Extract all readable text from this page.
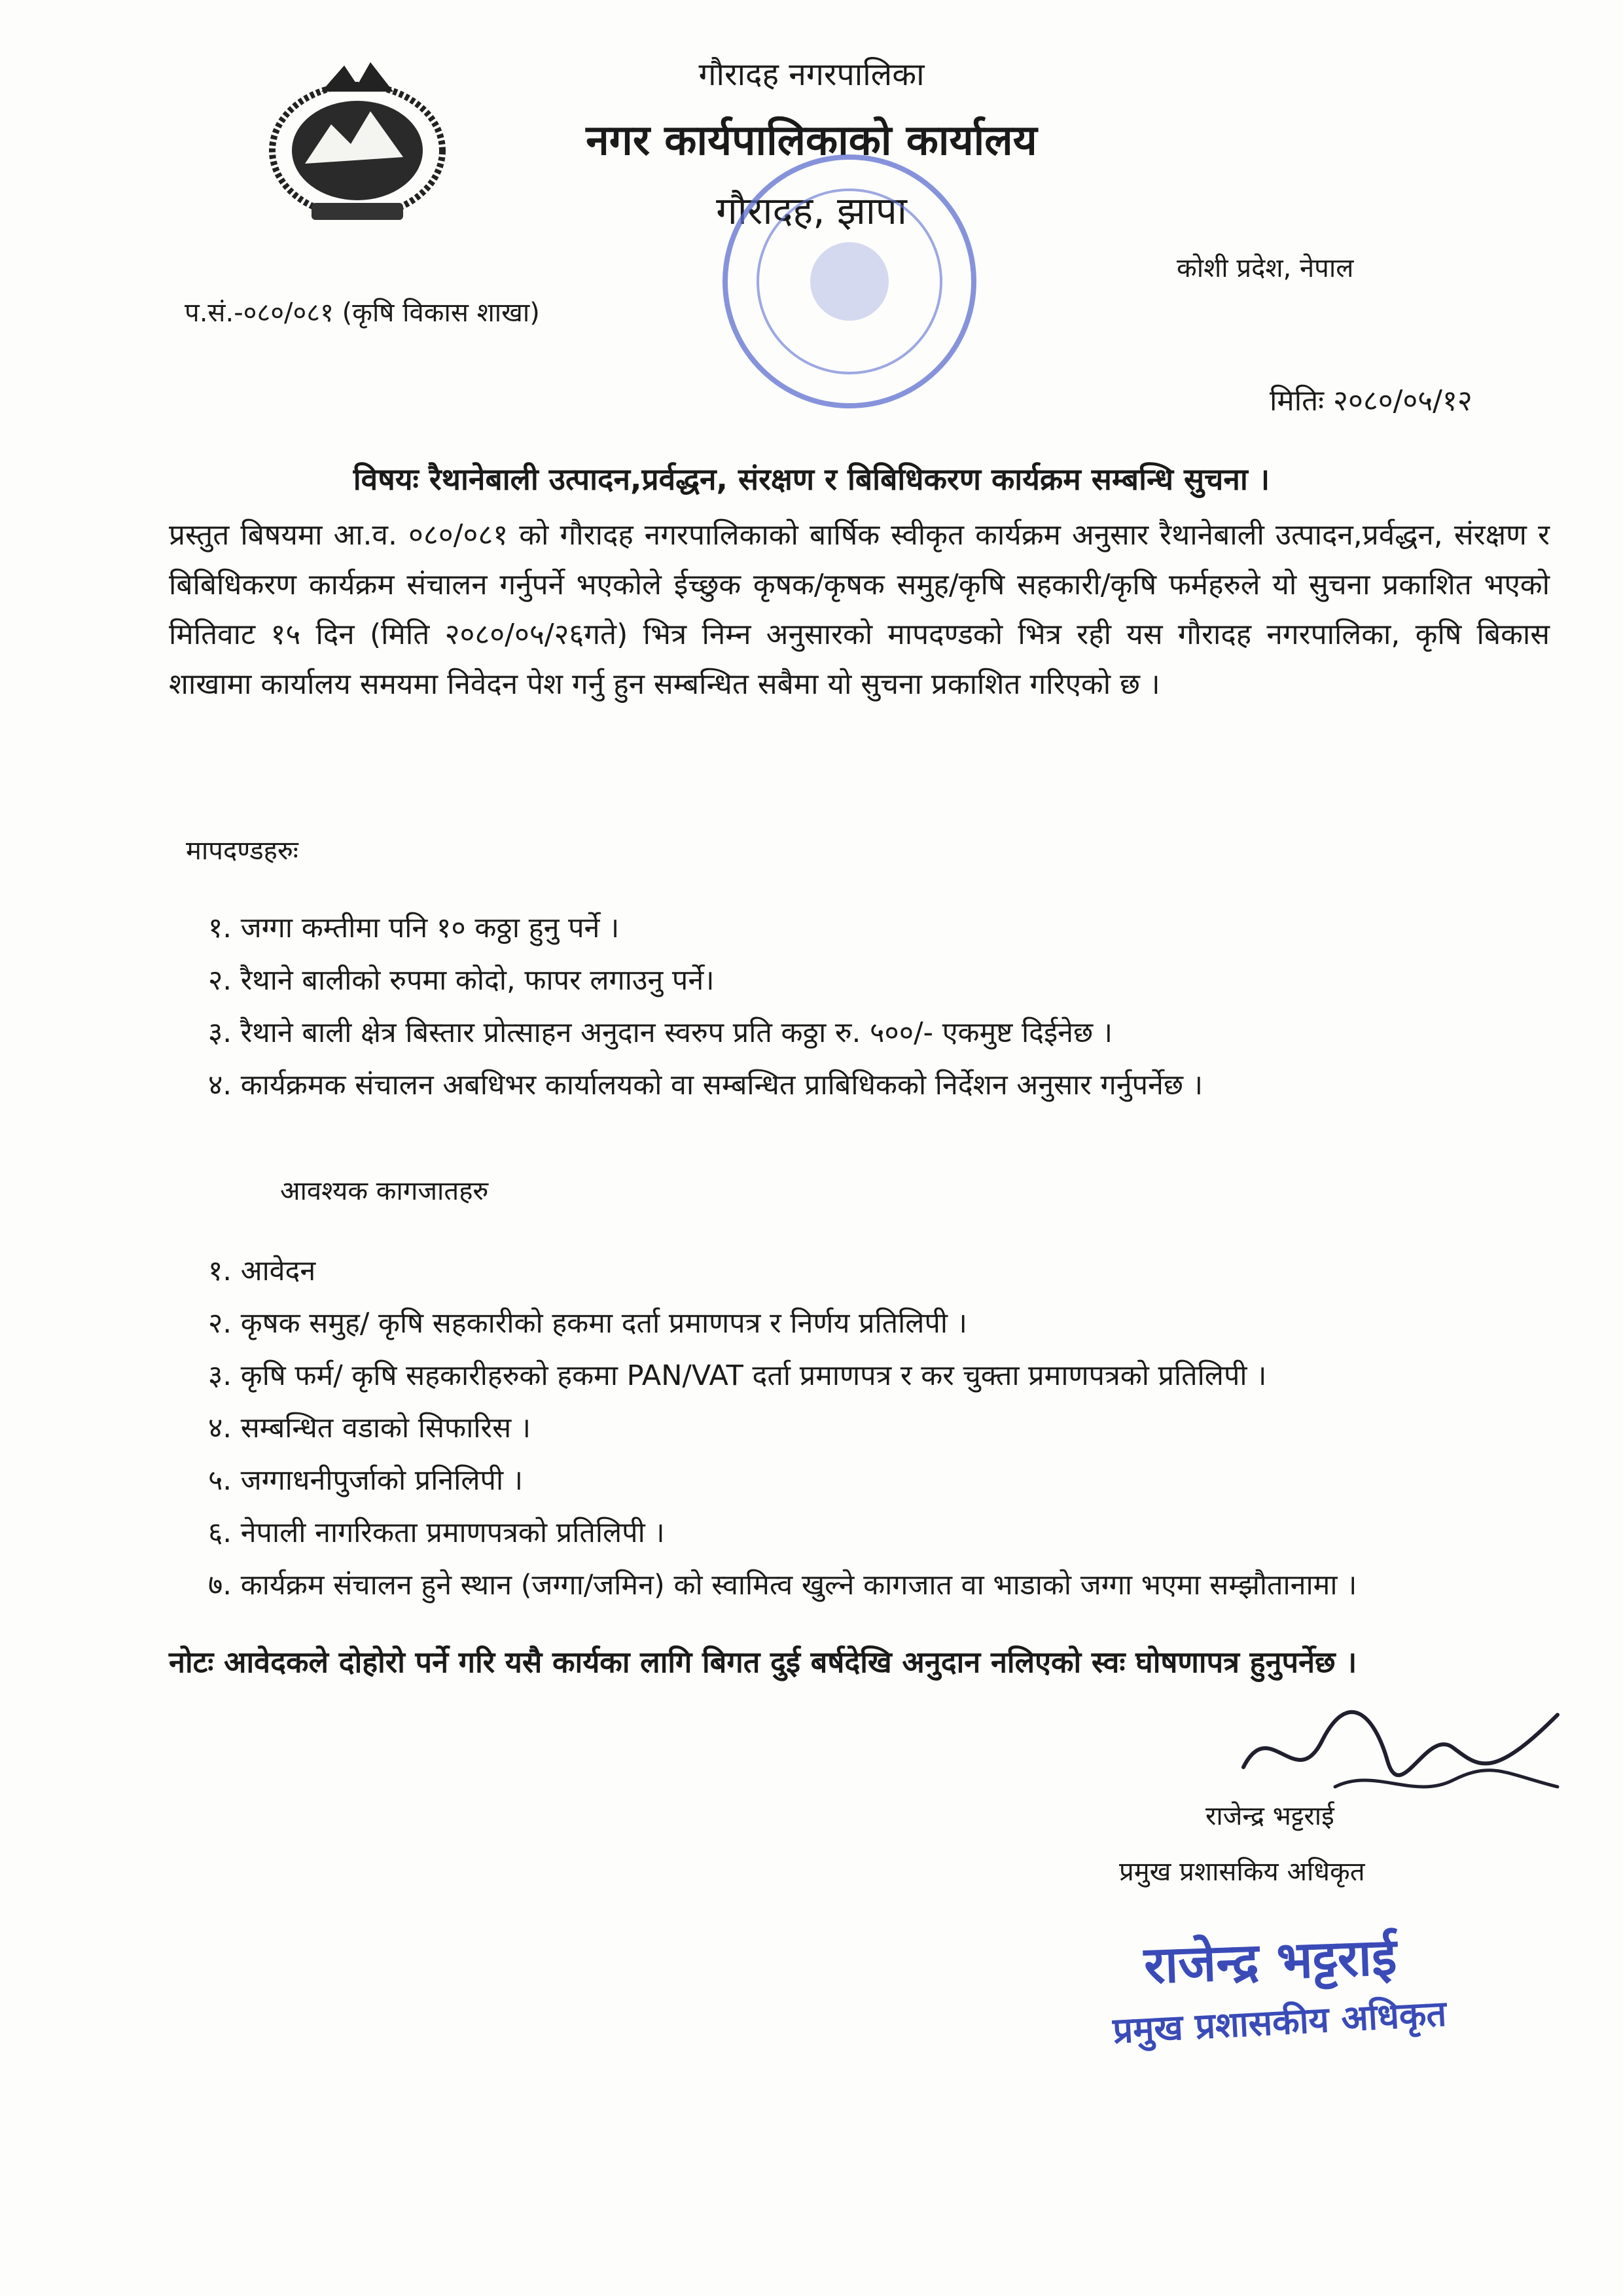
गौरादह नगरपालिका
नगर कार्यपालिकाको कार्यालय
गौरादह, झापा
कोशी प्रदेश, नेपाल
प.सं.-०८०/०८१ (कृषि विकास शाखा)
मितिः २०८०/०५/१२
विषयः रैथानेबाली उत्पादन,प्रर्वद्धन, संरक्षण र बिबिधिकरण कार्यक्रम सम्बन्धि सुचना ।
प्रस्तुत बिषयमा आ.व. ०८०/०८१ को गौरादह नगरपालिकाको बार्षिक स्वीकृत कार्यक्रम अनुसार रैथानेबाली उत्पादन,प्रर्वद्धन, संरक्षण र बिबिधिकरण कार्यक्रम संचालन गर्नुपर्ने भएकोले ईच्छुक कृषक/कृषक समुह/कृषि सहकारी/कृषि फर्महरुले यो सुचना प्रकाशित भएको मितिवाट १५ दिन (मिति २०८०/०५/२६गते) भित्र निम्न अनुसारको मापदण्डको भित्र रही यस गौरादह नगरपालिका, कृषि बिकास शाखामा कार्यालय समयमा निवेदन पेश गर्नु हुन सम्बन्धित सबैमा यो सुचना प्रकाशित गरिएको छ ।
मापदण्डहरुः
१. जग्गा कम्तीमा पनि १० कठ्ठा हुनु पर्ने ।
२. रैथाने बालीको रुपमा कोदो, फापर लगाउनु पर्ने।
३. रैथाने बाली क्षेत्र बिस्तार प्रोत्साहन अनुदान स्वरुप प्रति कठ्ठा रु. ५००/- एकमुष्ट दिईनेछ ।
४. कार्यक्रमक संचालन अबधिभर कार्यालयको वा सम्बन्धित प्राबिधिकको निर्देशन अनुसार गर्नुपर्नेछ ।
आवश्यक कागजातहरु
१. आवेदन
२. कृषक समुह/ कृषि सहकारीको हकमा दर्ता प्रमाणपत्र र निर्णय प्रतिलिपी ।
३. कृषि फर्म/ कृषि सहकारीहरुको हकमा PAN/VAT दर्ता प्रमाणपत्र र कर चुक्ता प्रमाणपत्रको प्रतिलिपी ।
४. सम्बन्धित वडाको सिफारिस ।
५. जग्गाधनीपुर्जाको प्रनिलिपी ।
६. नेपाली नागरिकता प्रमाणपत्रको प्रतिलिपी ।
७. कार्यक्रम संचालन हुने स्थान (जग्गा/जमिन) को स्वामित्व खुल्ने कागजात वा भाडाको जग्गा भएमा सम्झौतानामा ।
नोटः आवेदकले दोहोरो पर्ने गरि यसै कार्यका लागि बिगत दुई बर्षदेखि अनुदान नलिएको स्वः घोषणापत्र हुनुपर्नेछ ।
राजेन्द्र भट्टराई
प्रमुख प्रशासकिय अधिकृत
राजेन्द्र भट्टराई
प्रमुख प्रशासकीय अधिकृत
